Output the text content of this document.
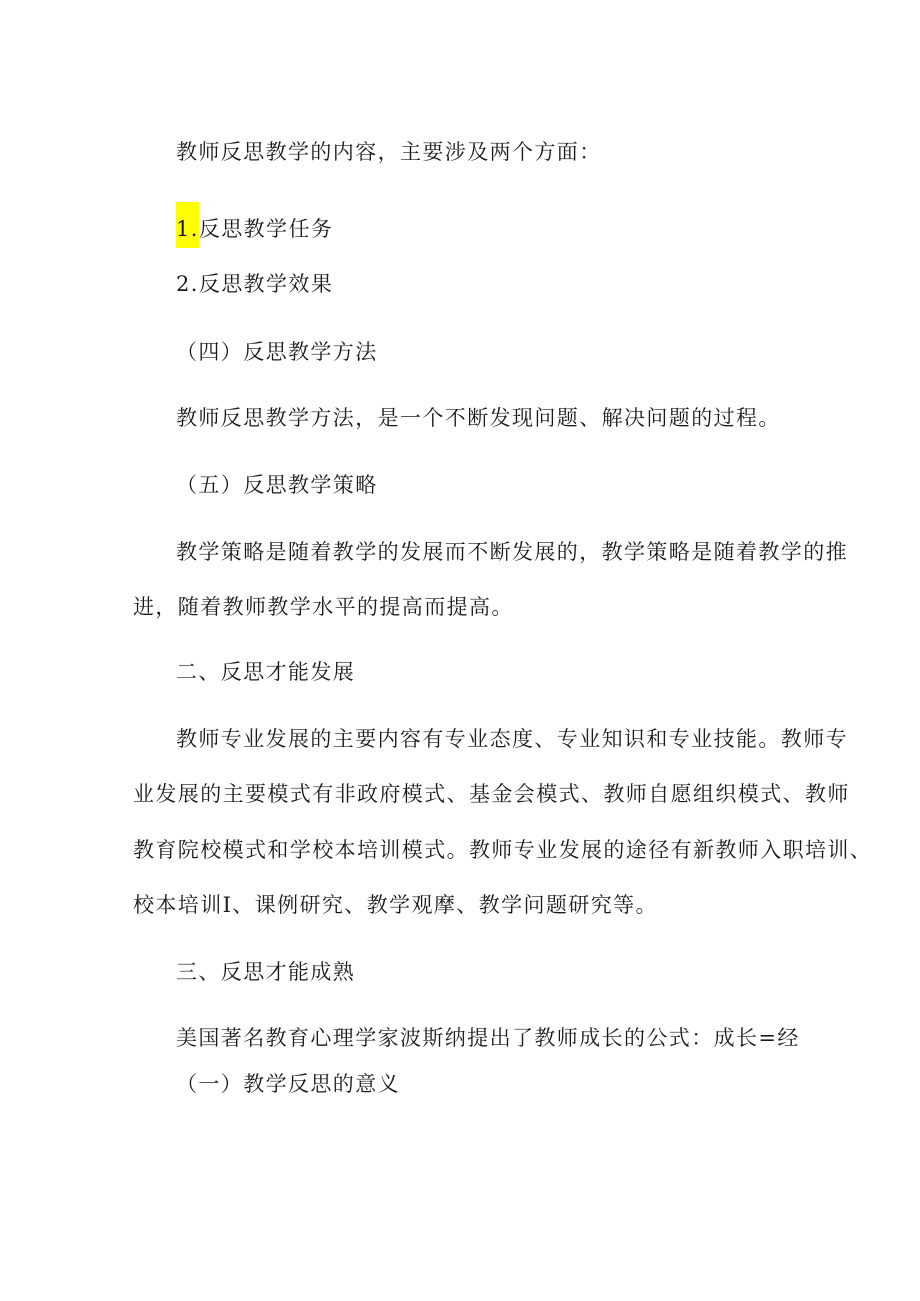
教师反思教学的内容，主要涉及两个方面：
1.反思教学任务
2.反思教学效果
（四）反思教学方法
教师反思教学方法，是一个不断发现问题、解决问题的过程。
（五）反思教学策略
教学策略是随着教学的发展而不断发展的，教学策略是随着教学的推
进，随着教师教学水平的提高而提高。
二、反思才能发展
教师专业发展的主要内容有专业态度、专业知识和专业技能。教师专
业发展的主要模式有非政府模式、基金会模式、教师自愿组织模式、教师
教育院校模式和学校本培训模式。教师专业发展的途径有新教师入职培训、
校本培训I、课例研究、教学观摩、教学问题研究等。
三、反思才能成熟
美国著名教育心理学家波斯纳提出了教师成长的公式：成长=经
（一）教学反思的意义
